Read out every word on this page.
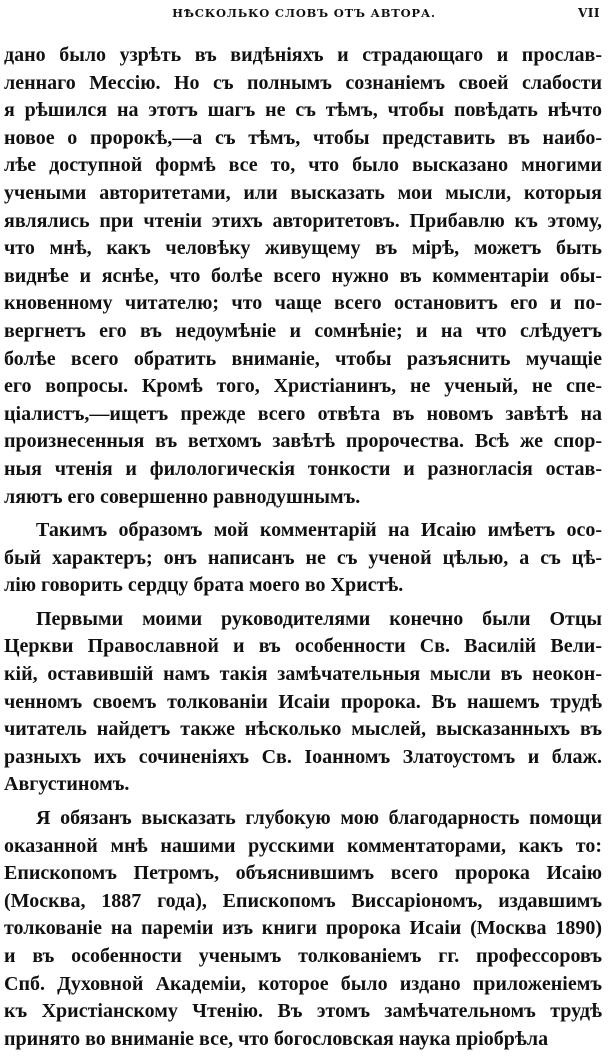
НѢСКОЛЬКО СЛОВЪ ОТЪ АВТОРА.	VII
дано было узрѣть въ видѣніяхъ и страдающаго и прослав-
леннаго Мессію. Но съ полнымъ сознаніемъ своей слабости
я рѣшился на этотъ шагъ не съ тѣмъ, чтобы повѣдать нѣчто
новое о пророкѣ,—а съ тѣмъ, чтобы представить въ наибо-
лѣе доступной формѣ все то, что было высказано многими
учеными авторитетами, или высказать мои мысли, которыя
являлись при чтеніи этихъ авторитетовъ. Прибавлю къ этому,
что мнѣ, какъ человѣку живущему въ мірѣ, можетъ быть
виднѣе и яснѣе, что болѣе всего нужно въ комментаріи обы-
кновенному читателю; что чаще всего остановитъ его и по-
вергнетъ его въ недоумѣніе и сомнѣніе; и на что слѣдуетъ
болѣе всего обратить вниманіе, чтобы разъяснить мучащіе
его вопросы. Кромѣ того, Христіанинъ, не ученый, не спе-
ціалистъ,—ищетъ прежде всего отвѣта въ новомъ завѣтѣ на
произнесенныя въ ветхомъ завѣтѣ пророчества. Всѣ же спор-
ныя чтенія и филологическія тонкости и разногласія остав-
ляютъ его совершенно равнодушнымъ.
Такимъ образомъ мой комментарій на Исаію имѣетъ осо-
бый характеръ; онъ написанъ не съ ученой цѣлью, а съ цѣ-
лію говорить сердцу брата моего во Христѣ.
Первыми моими руководителями конечно были Отцы
Церкви Православной и въ особенности Св. Василій Вели-
кій, оставившій намъ такія замѣчательныя мысли въ неокон-
ченномъ своемъ толкованіи Исаіи пророка. Въ нашемъ трудѣ
читатель найдетъ также нѣсколько мыслей, высказанныхъ въ
разныхъ ихъ сочиненіяхъ Св. Іоанномъ Златоустомъ и блаж.
Августиномъ.
Я обязанъ высказать глубокую мою благодарность помощи
оказанной мнѣ нашими русскими комментаторами, какъ то:
Епископомъ Петромъ, объяснившимъ всего пророка Исаію
(Москва, 1887 года), Епископомъ Виссаріономъ, издавшимъ
толкованіе на пареміи изъ книги пророка Исаіи (Москва 1890)
и въ особенности ученымъ толкованіемъ гг. профессоровъ
Спб. Духовной Академіи, которое было издано приложеніемъ
къ Христіанскому Чтенію. Въ этомъ замѣчательномъ трудѣ
принято во вниманіе все, что богословская наука пріобрѣла
